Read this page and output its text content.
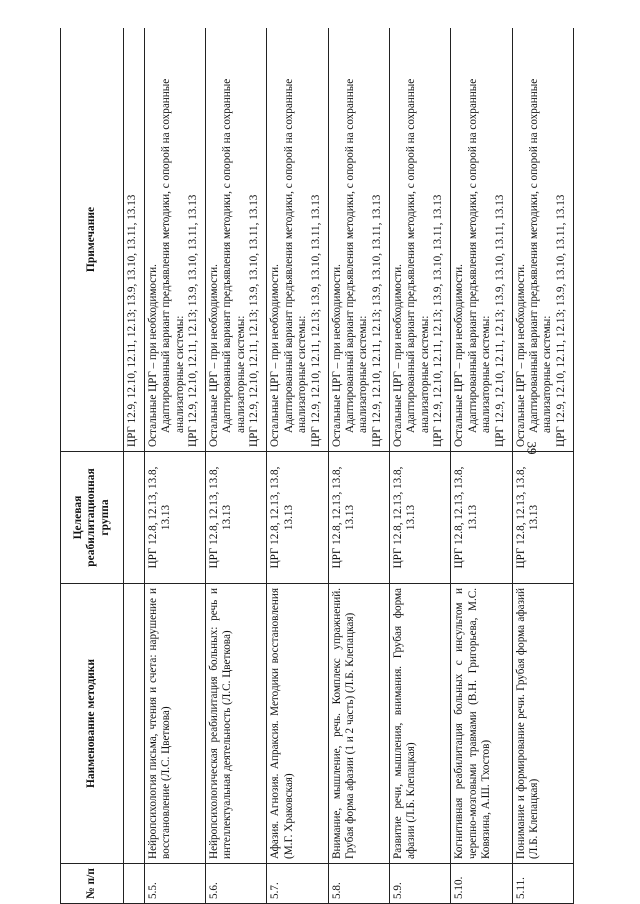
39
№ п/п	Наименование методики	Целевая реабилитационная группа	Примечание
			ЦРГ 12.9, 12.10, 12.11, 12.13; 13.9, 13.10, 13.11, 13.13
5.5.	Нейропсихология письма, чтения и счета: нарушение и восстановление (Л.С. Цветкова)	ЦРГ 12.8, 12.13, 13.8, 13.13	Остальные ЦРГ – при необходимости. Адаптированный вариант предъявления методики, с опорой на сохранные анализаторные системы: ЦРГ 12.9, 12.10, 12.11, 12.13; 13.9, 13.10, 13.11, 13.13

5.6.	Нейропсихологическая реабилитация больных: речь и интеллектуальная деятельность (Л.С. Цветкова)	ЦРГ 12.8, 12.13, 13.8, 13.13	Остальные ЦРГ – при необходимости. Адаптированный вариант предъявления методики, с опорой на сохранные анализаторные системы: ЦРГ 12.9, 12.10, 12.11, 12.13; 13.9, 13.10, 13.11, 13.13

5.7.	Афазия. Агнозия. Апраксия. Методики восстановления (М.Г. Храковская)	ЦРГ 12.8, 12.13, 13.8, 13.13	Остальные ЦРГ – при необходимости. Адаптированный вариант предъявления методики, с опорой на сохранные анализаторные системы: ЦРГ 12.9, 12.10, 12.11, 12.13; 13.9, 13.10, 13.11, 13.13

5.8.	Внимание, мышление, речь. Комплекс упражнений. Грубая форма афазии (1 и 2 часть) (Л.Б. Клепацкая)	ЦРГ 12.8, 12.13, 13.8, 13.13	Остальные ЦРГ – при необходимости. Адаптированный вариант предъявления методики, с опорой на сохранные анализаторные системы: ЦРГ 12.9, 12.10, 12.11, 12.13; 13.9, 13.10, 13.11, 13.13

5.9.	Развитие речи, мышления, внимания. Грубая форма афазии (Л.Б. Клепацкая)	ЦРГ 12.8, 12.13, 13.8, 13.13	Остальные ЦРГ – при необходимости. Адаптированный вариант предъявления методики, с опорой на сохранные анализаторные системы: ЦРГ 12.9, 12.10, 12.11, 12.13; 13.9, 13.10, 13.11, 13.13

5.10.	Когнитивная реабилитация больных с инсультом и черепно-мозговыми травмами (В.Н. Григорьева, М.С. Ковязина, А.Ш. Тхостов)	ЦРГ 12.8, 12.13, 13.8, 13.13	Остальные ЦРГ – при необходимости. Адаптированный вариант предъявления методики, с опорой на сохранные анализаторные системы: ЦРГ 12.9, 12.10, 12.11, 12.13; 13.9, 13.10, 13.11, 13.13

5.11.	Понимание и формирование речи. Грубая форма афазий (Л.Б. Клепацкая)	ЦРГ 12.8, 12.13, 13.8, 13.13	Остальные ЦРГ – при необходимости. Адаптированный вариант предъявления методики, с опорой на сохранные анализаторные системы: ЦРГ 12.9, 12.10, 12.11, 12.13; 13.9, 13.10, 13.11, 13.13
